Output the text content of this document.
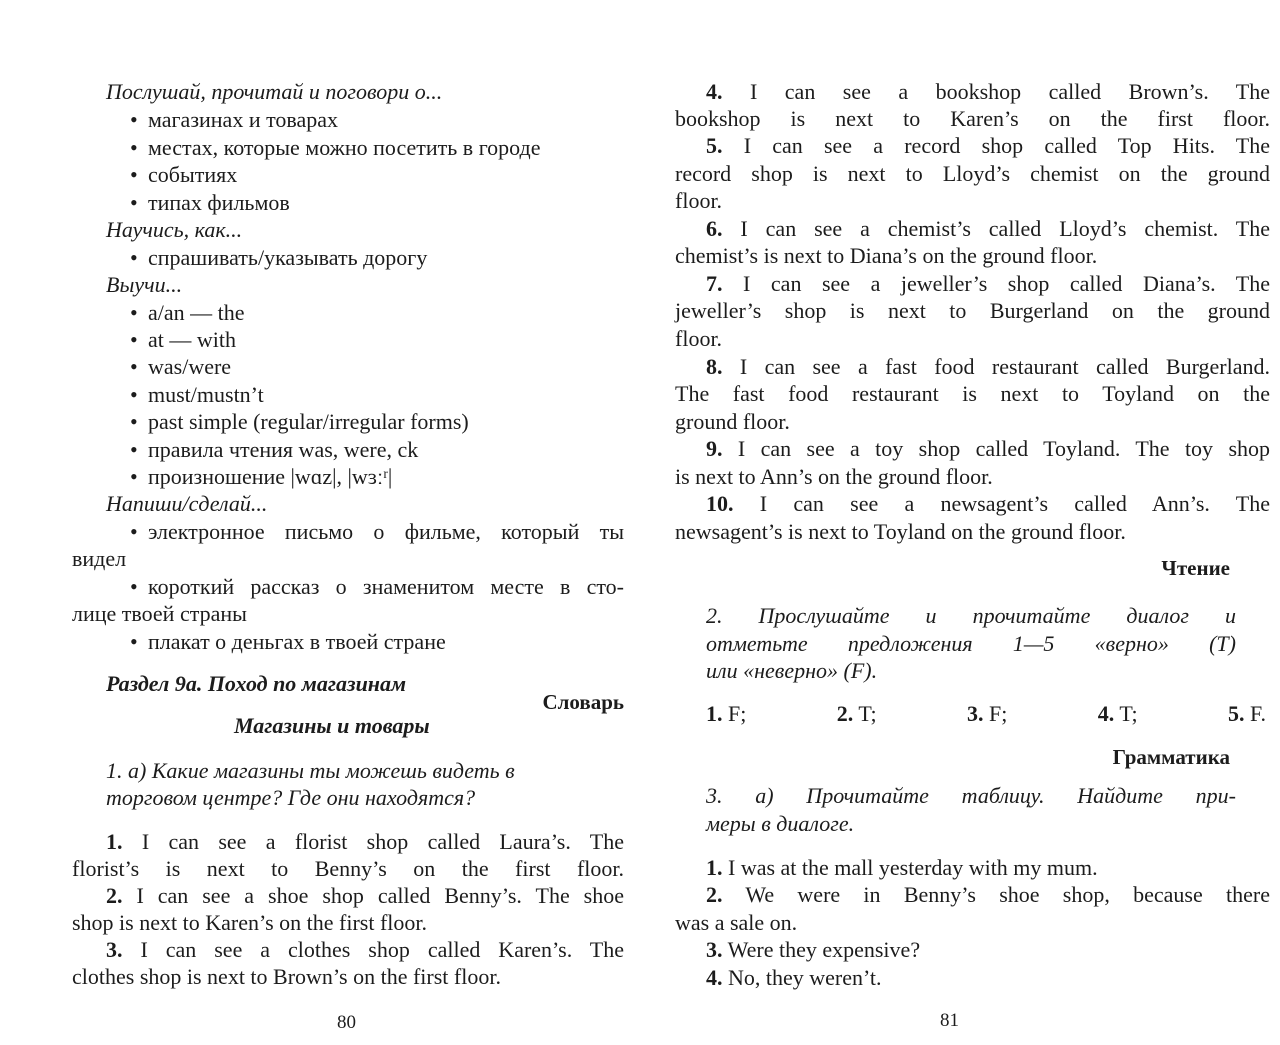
Послушай, прочитай и поговори о...
• магазинах и товарах
• местах, которые можно посетить в городе
• событиях
• типах фильмов
Научись, как...
• спрашивать/указывать дорогу
Выучи...
• a/an — the
• at — with
• was/were
• must/mustn’t
• past simple (regular/irregular forms)
• правила чтения was, were, ck
• произношение |wɑz|, |wɜːʳ|
Напиши/сделай...
• электронное письмо о фильме, который ты
видел
• короткий рассказ о знаменитом месте в сто-
лице твоей страны
• плакат о деньгах в твоей стране
Раздел 9a. Поход по магазинам
Словарь
Магазины и товары
1. а) Какие магазины ты можешь видеть в
торговом центре? Где они находятся?
1. I can see a florist shop called Laura’s. The
florist’s is next to Benny’s on the first floor.
2. I can see a shoe shop called Benny’s. The shoe
shop is next to Karen’s on the first floor.
3. I can see a clothes shop called Karen’s. The
clothes shop is next to Brown’s on the first floor.
80
4. I can see a bookshop called Brown’s. The
bookshop is next to Karen’s on the first floor.
5. I can see a record shop called Top Hits. The
record shop is next to Lloyd’s chemist on the ground
floor.
6. I can see a chemist’s called Lloyd’s chemist. The
chemist’s is next to Diana’s on the ground floor.
7. I can see a jeweller’s shop called Diana’s. The
jeweller’s shop is next to Burgerland on the ground
floor.
8. I can see a fast food restaurant called Burgerland.
The fast food restaurant is next to Toyland on the
ground floor.
9. I can see a toy shop called Toyland. The toy shop
is next to Ann’s on the ground floor.
10. I can see a newsagent’s called Ann’s. The
newsagent’s is next to Toyland on the ground floor.
Чтение
2. Прослушайте и прочитайте диалог и
отметьте предложения 1—5 «верно» (T)
или «неверно» (F).
1. F;	2. T;	3. F;	4. T;	5. F.
Грамматика
3. а) Прочитайте таблицу. Найдите при-
меры в диалоге.
1. I was at the mall yesterday with my mum.
2. We were in Benny’s shoe shop, because there
was a sale on.
3. Were they expensive?
4. No, they weren’t.
81
